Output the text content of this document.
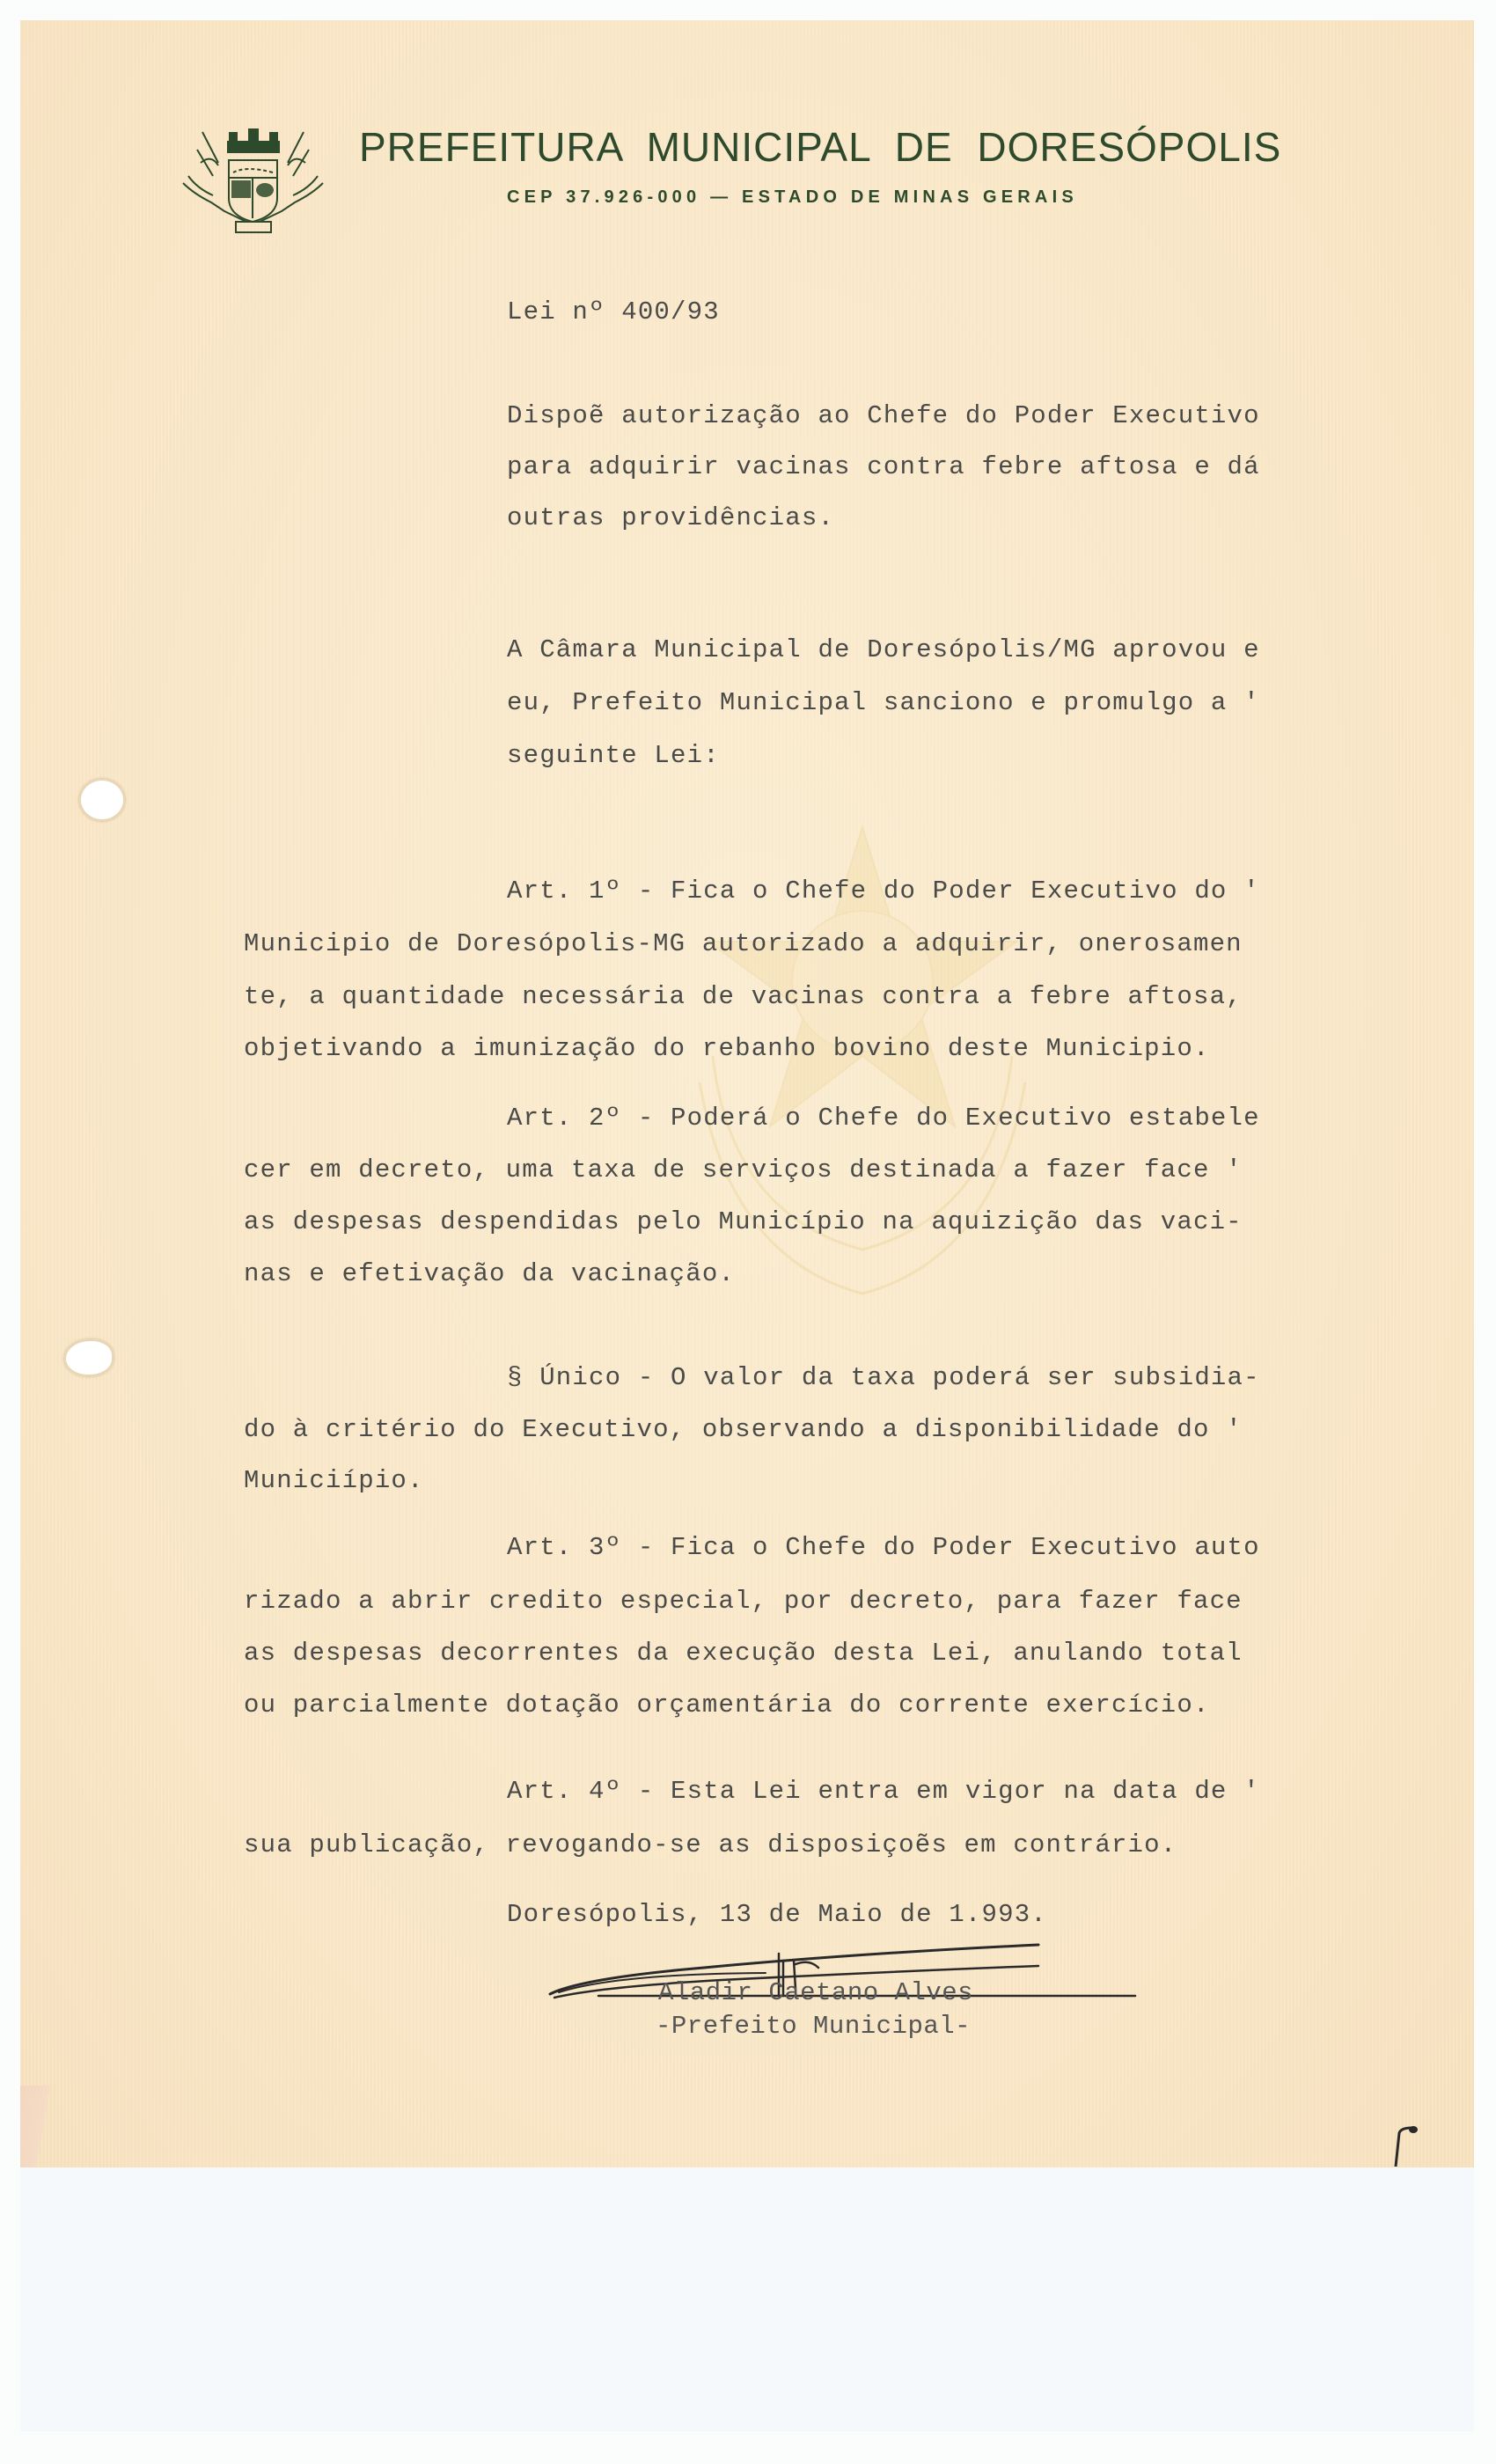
PREFEITURA MUNICIPAL DE DORESÓPOLIS
CEP 37.926-000 — ESTADO DE MINAS GERAIS
Lei nº 400/93
Dispoẽ autorização ao Chefe do Poder Executivo
para adquirir vacinas contra febre aftosa e dá
outras providências.
A Câmara Municipal de Doresópolis/MG aprovou e
eu, Prefeito Municipal sanciono e promulgo a '
seguinte Lei:
Art. 1º - Fica o Chefe do Poder Executivo do '
Municipio de Doresópolis-MG autorizado a adquirir, onerosamen
te, a quantidade necessária de vacinas contra a febre aftosa,
objetivando a imunização do rebanho bovino deste Municipio.
Art. 2º - Poderá o Chefe do Executivo estabele
cer em decreto, uma taxa de serviços destinada a fazer face '
as despesas despendidas pelo Município na aquizição das vaci-
nas e efetivação da vacinação.
§ Único - O valor da taxa poderá ser subsidia-
do à critério do Executivo, observando a disponibilidade do '
Municiípio.
Art. 3º - Fica o Chefe do Poder Executivo auto
rizado a abrir credito especial, por decreto, para fazer face
as despesas decorrentes da execução desta Lei, anulando total
ou parcialmente dotação orçamentária do corrente exercício.
Art. 4º - Esta Lei entra em vigor na data de '
sua publicação, revogando-se as disposiçoẽs em contrário.
Doresópolis, 13 de Maio de 1.993.
Aladir Caetano Alves
-Prefeito Municipal-
